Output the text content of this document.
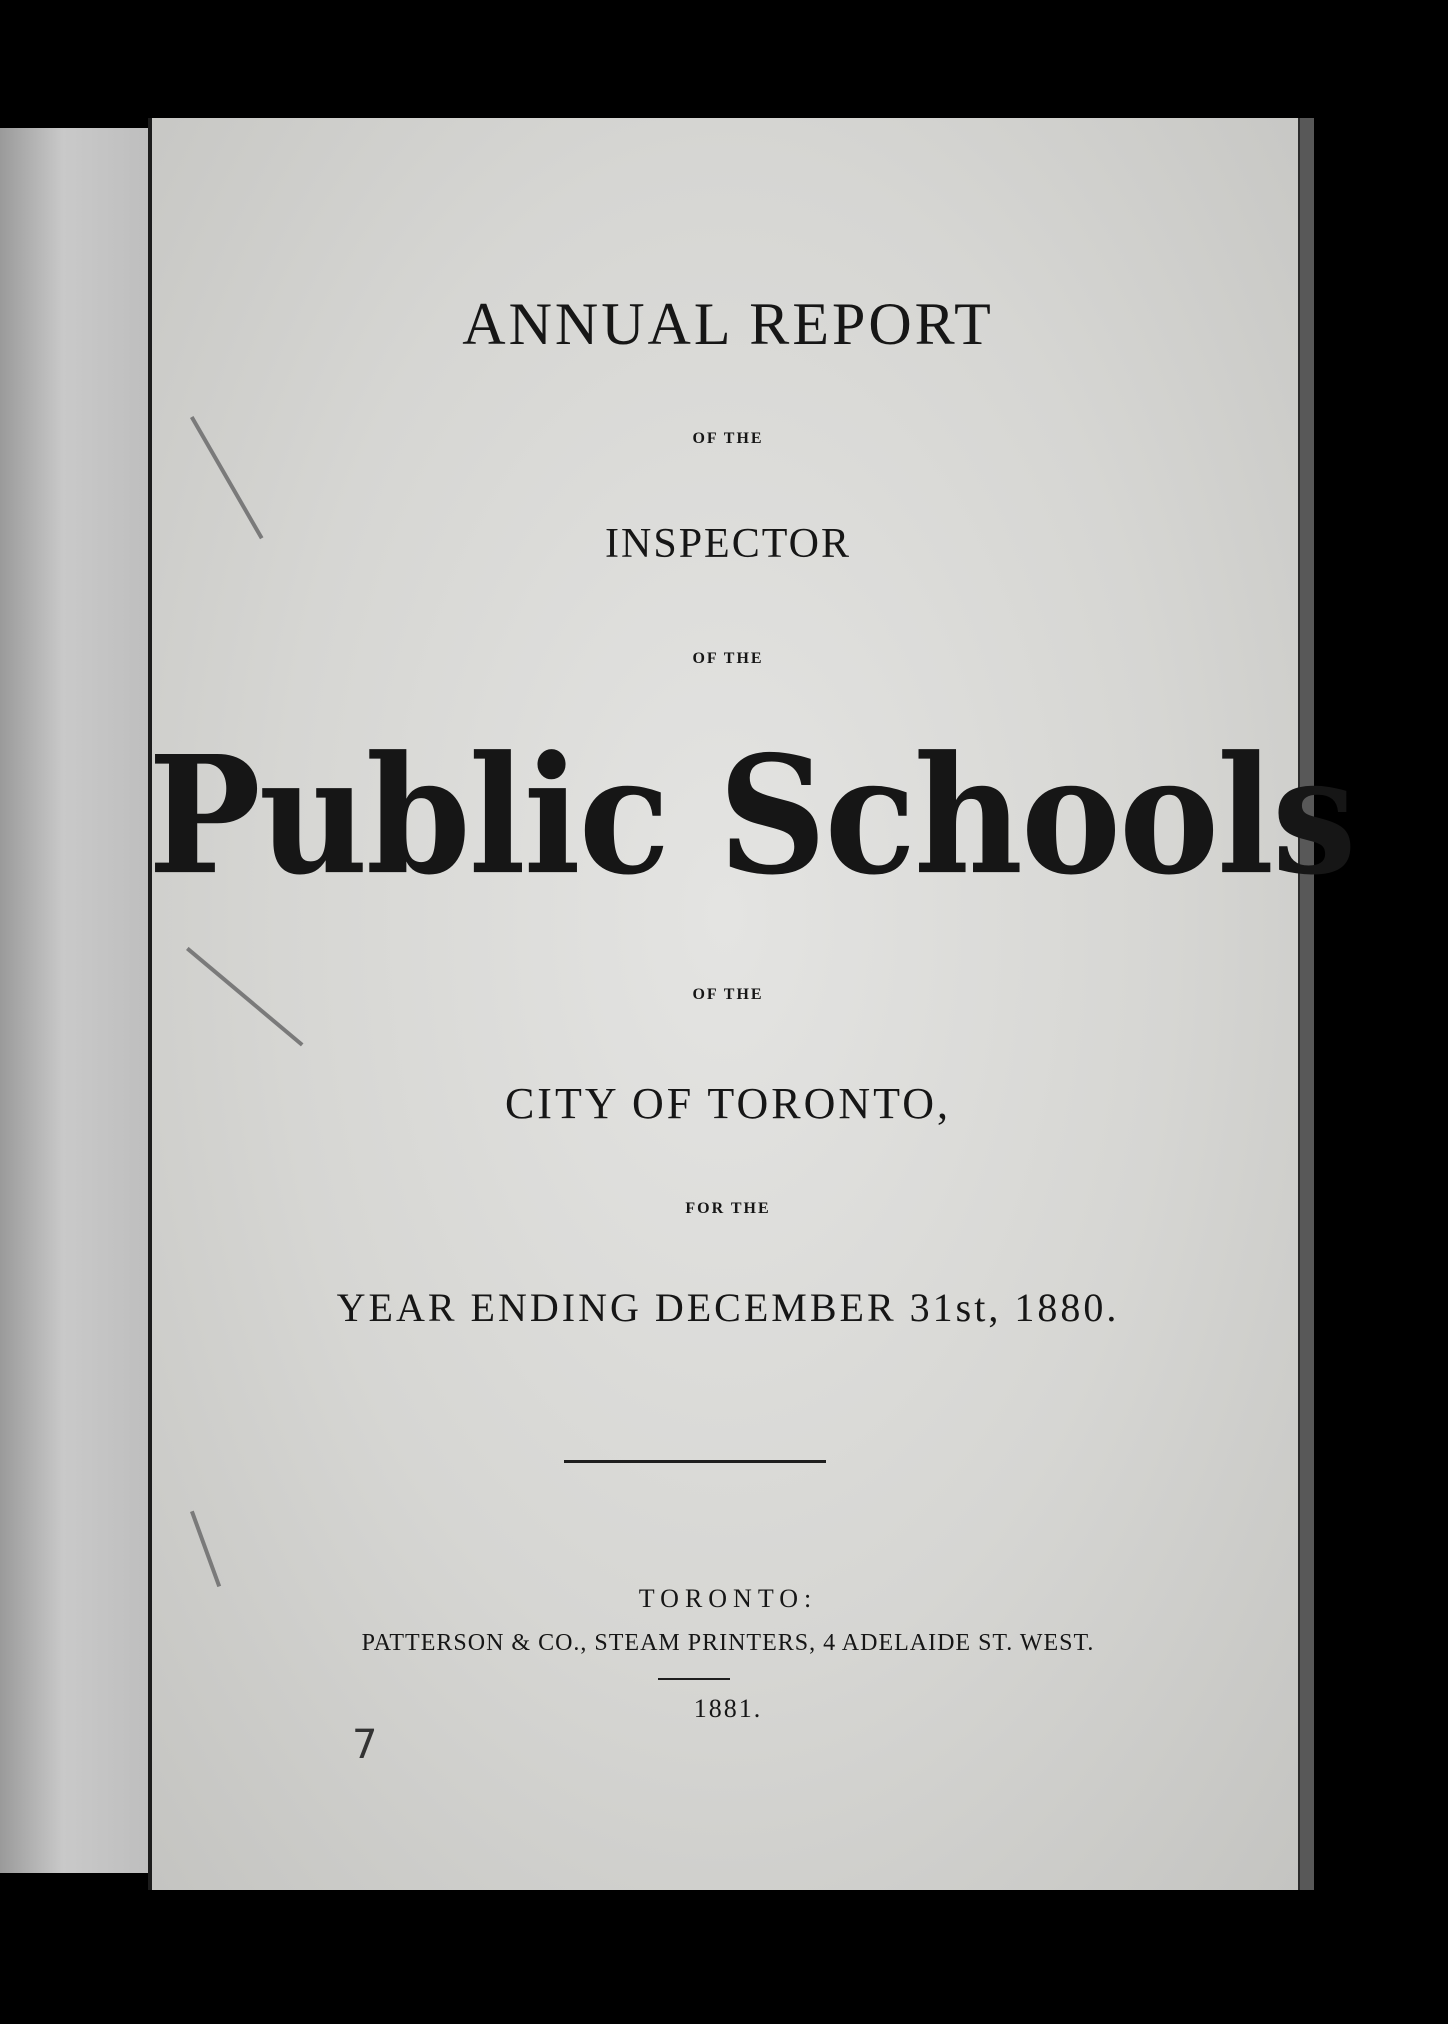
ANNUAL REPORT

OF THE

INSPECTOR

OF THE

Public Schools

OF THE

CITY OF TORONTO,

FOR THE

YEAR ENDING DECEMBER 31st, 1880.

TORONTO:

PATTERSON & CO., STEAM PRINTERS, 4 ADELAIDE ST. WEST.

1881.

7
